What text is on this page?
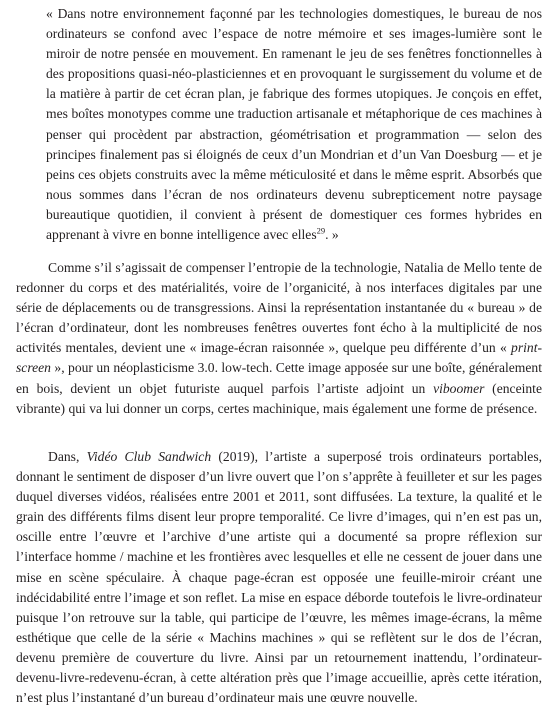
« Dans notre environnement façonné par les technologies domestiques, le bureau de nos ordinateurs se confond avec l’espace de notre mémoire et ses images-lumière sont le miroir de notre pensée en mouvement. En ramenant le jeu de ses fenêtres fonctionnelles à des propositions quasi-néo-plasticiennes et en provoquant le surgissement du volume et de la matière à partir de cet écran plan, je fabrique des formes utopiques. Je conçois en effet, mes boîtes monotypes comme une traduction artisanale et métaphorique de ces machines à penser qui procèdent par abstraction, géométrisation et programmation — selon des principes finalement pas si éloignés de ceux d’un Mondrian et d’un Van Doesburg — et je peins ces objets construits avec la même méticulosité et dans le même esprit. Absorbés que nous sommes dans l’écran de nos ordinateurs devenu subrepticement notre paysage bureautique quotidien, il convient à présent de domestiquer ces formes hybrides en apprenant à vivre en bonne intelligence avec elles$^{29}$. »

Comme s’il s’agissait de compenser l’entropie de la technologie, Natalia de Mello tente de redonner du corps et des matérialités, voire de l’organicité, à nos interfaces digitales par une série de déplacements ou de transgressions. Ainsi la représentation instantanée du « bureau » de l’écran d’ordinateur, dont les nombreuses fenêtres ouvertes font écho à la multiplicité de nos activités mentales, devient une « image-écran raisonnée », quelque peu différente d’un « print-screen », pour un néoplasticisme 3.0. low-tech. Cette image apposée sur une boîte, généralement en bois, devient un objet futuriste auquel parfois l’artiste adjoint un viboomer (enceinte vibrante) qui va lui donner un corps, certes machinique, mais également une forme de présence.

Dans, Vidéo Club Sandwich (2019), l’artiste a superposé trois ordinateurs portables, donnant le sentiment de disposer d’un livre ouvert que l’on s’apprête à feuilleter et sur les pages duquel diverses vidéos, réalisées entre 2001 et 2011, sont diffusées. La texture, la qualité et le grain des différents films disent leur propre temporalité. Ce livre d’images, qui n’en est pas un, oscille entre l’œuvre et l’archive d’une artiste qui a documenté sa propre réflexion sur l’interface homme / machine et les frontières avec lesquelles et elle ne cessent de jouer dans une mise en scène spéculaire. À chaque page-écran est opposée une feuille-miroir créant une indécidabilité entre l’image et son reflet. La mise en espace déborde toutefois le livre-ordinateur puisque l’on retrouve sur la table, qui participe de l’œuvre, les mêmes image-écrans, la même esthétique que celle de la série « Machins machines » qui se reflètent sur le dos de l’écran, devenu première de couverture du livre. Ainsi par un retournement inattendu, l’ordinateur-devenu-livre-redevenu-écran, à cette altération près que l’image accueillie, après cette itération, n’est plus l’instantané d’un bureau d’ordinateur mais une œuvre nouvelle.
